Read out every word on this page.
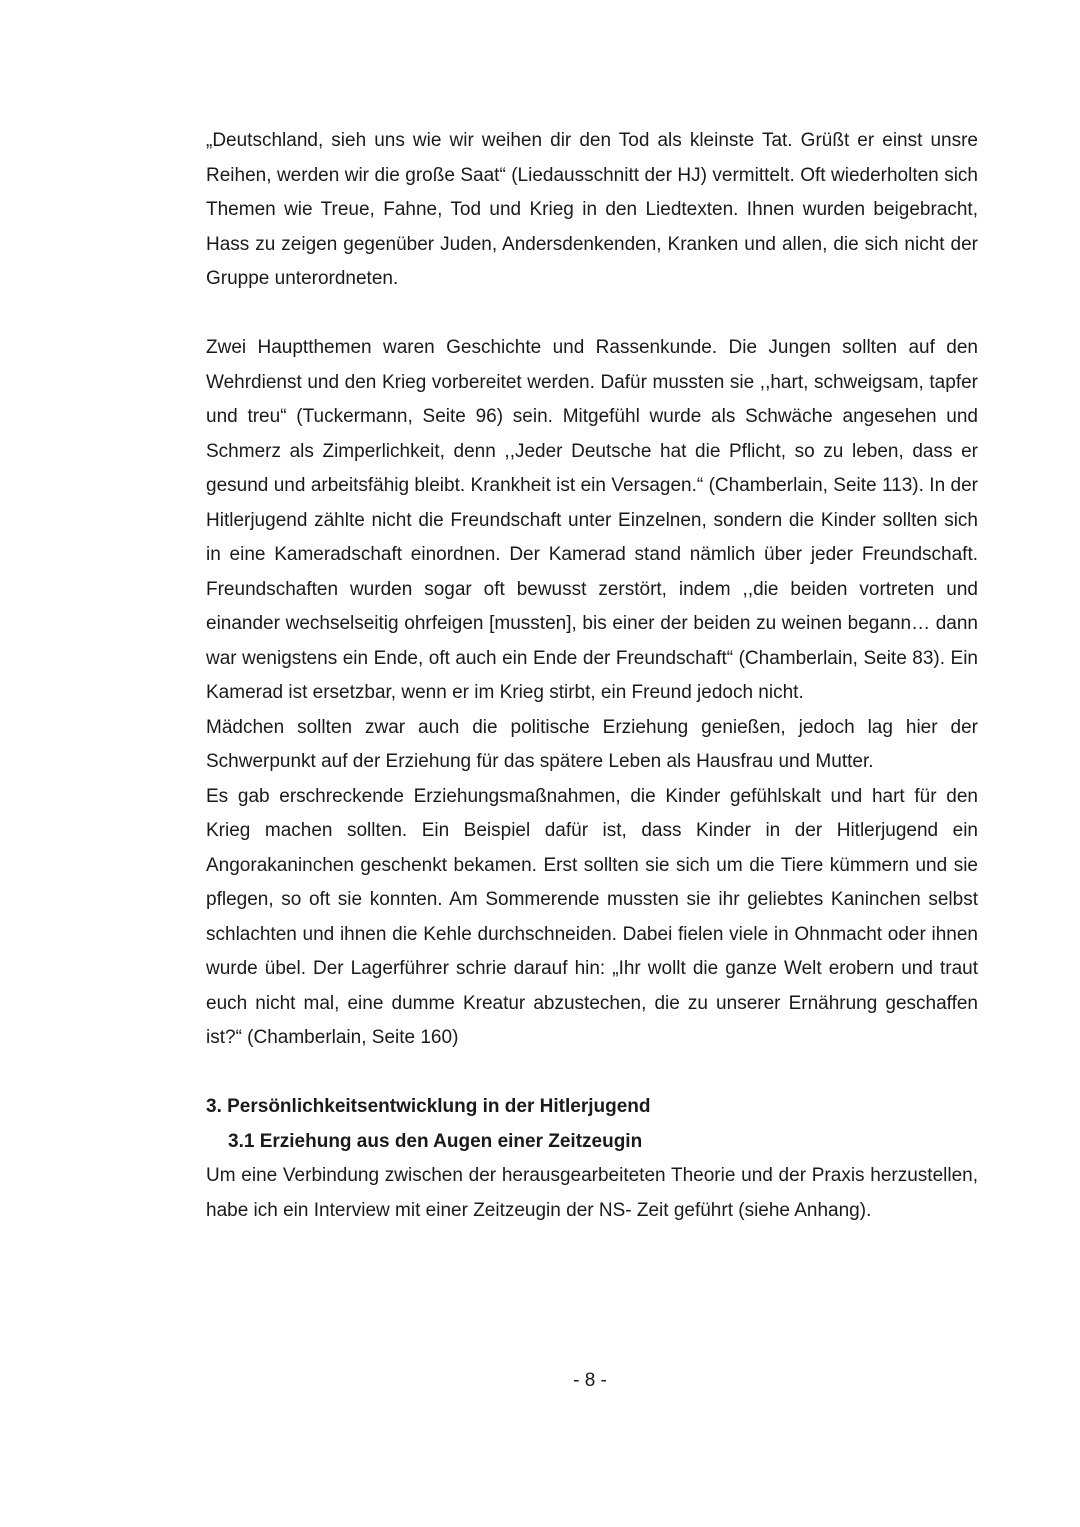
„Deutschland, sieh uns wie wir weihen dir den Tod als kleinste Tat. Grüßt er einst unsre Reihen, werden wir die große Saat“ (Liedausschnitt der HJ) vermittelt. Oft wiederholten sich Themen wie Treue, Fahne, Tod und Krieg in den Liedtexten. Ihnen wurden beigebracht, Hass zu zeigen gegenüber Juden, Andersdenkenden, Kranken und allen, die sich nicht der Gruppe unterordneten.

Zwei Hauptthemen waren Geschichte und Rassenkunde. Die Jungen sollten auf den Wehrdienst und den Krieg vorbereitet werden. Dafür mussten sie ,,hart, schweigsam, tapfer und treu“ (Tuckermann, Seite 96) sein. Mitgefühl wurde als Schwäche angesehen und Schmerz als Zimperlichkeit, denn ,,Jeder Deutsche hat die Pflicht, so zu leben, dass er gesund und arbeitsfähig bleibt. Krankheit ist ein Versagen.“ (Chamberlain, Seite 113). In der Hitlerjugend zählte nicht die Freundschaft unter Einzelnen, sondern die Kinder sollten sich in eine Kameradschaft einordnen. Der Kamerad stand nämlich über jeder Freundschaft. Freundschaften wurden sogar oft bewusst zerstört, indem ,,die beiden vortreten und einander wechselseitig ohrfeigen [mussten], bis einer der beiden zu weinen begann… dann war wenigstens ein Ende, oft auch ein Ende der Freundschaft“ (Chamberlain, Seite 83). Ein Kamerad ist ersetzbar, wenn er im Krieg stirbt, ein Freund jedoch nicht.

Mädchen sollten zwar auch die politische Erziehung genießen, jedoch lag hier der Schwerpunkt auf der Erziehung für das spätere Leben als Hausfrau und Mutter.

Es gab erschreckende Erziehungsmaßnahmen, die Kinder gefühlskalt und hart für den Krieg machen sollten. Ein Beispiel dafür ist, dass Kinder in der Hitlerjugend ein Angorakaninchen geschenkt bekamen. Erst sollten sie sich um die Tiere kümmern und sie pflegen, so oft sie konnten. Am Sommerende mussten sie ihr geliebtes Kaninchen selbst schlachten und ihnen die Kehle durchschneiden. Dabei fielen viele in Ohnmacht oder ihnen wurde übel. Der Lagerführer schrie darauf hin: „Ihr wollt die ganze Welt erobern und traut euch nicht mal, eine dumme Kreatur abzustechen, die zu unserer Ernährung geschaffen ist?“ (Chamberlain, Seite 160)

3. Persönlichkeitsentwicklung in der Hitlerjugend
3.1 Erziehung aus den Augen einer Zeitzeugin

Um eine Verbindung zwischen der herausgearbeiteten Theorie und der Praxis herzustellen, habe ich ein Interview mit einer Zeitzeugin der NS- Zeit geführt (siehe Anhang).

- 8 -
